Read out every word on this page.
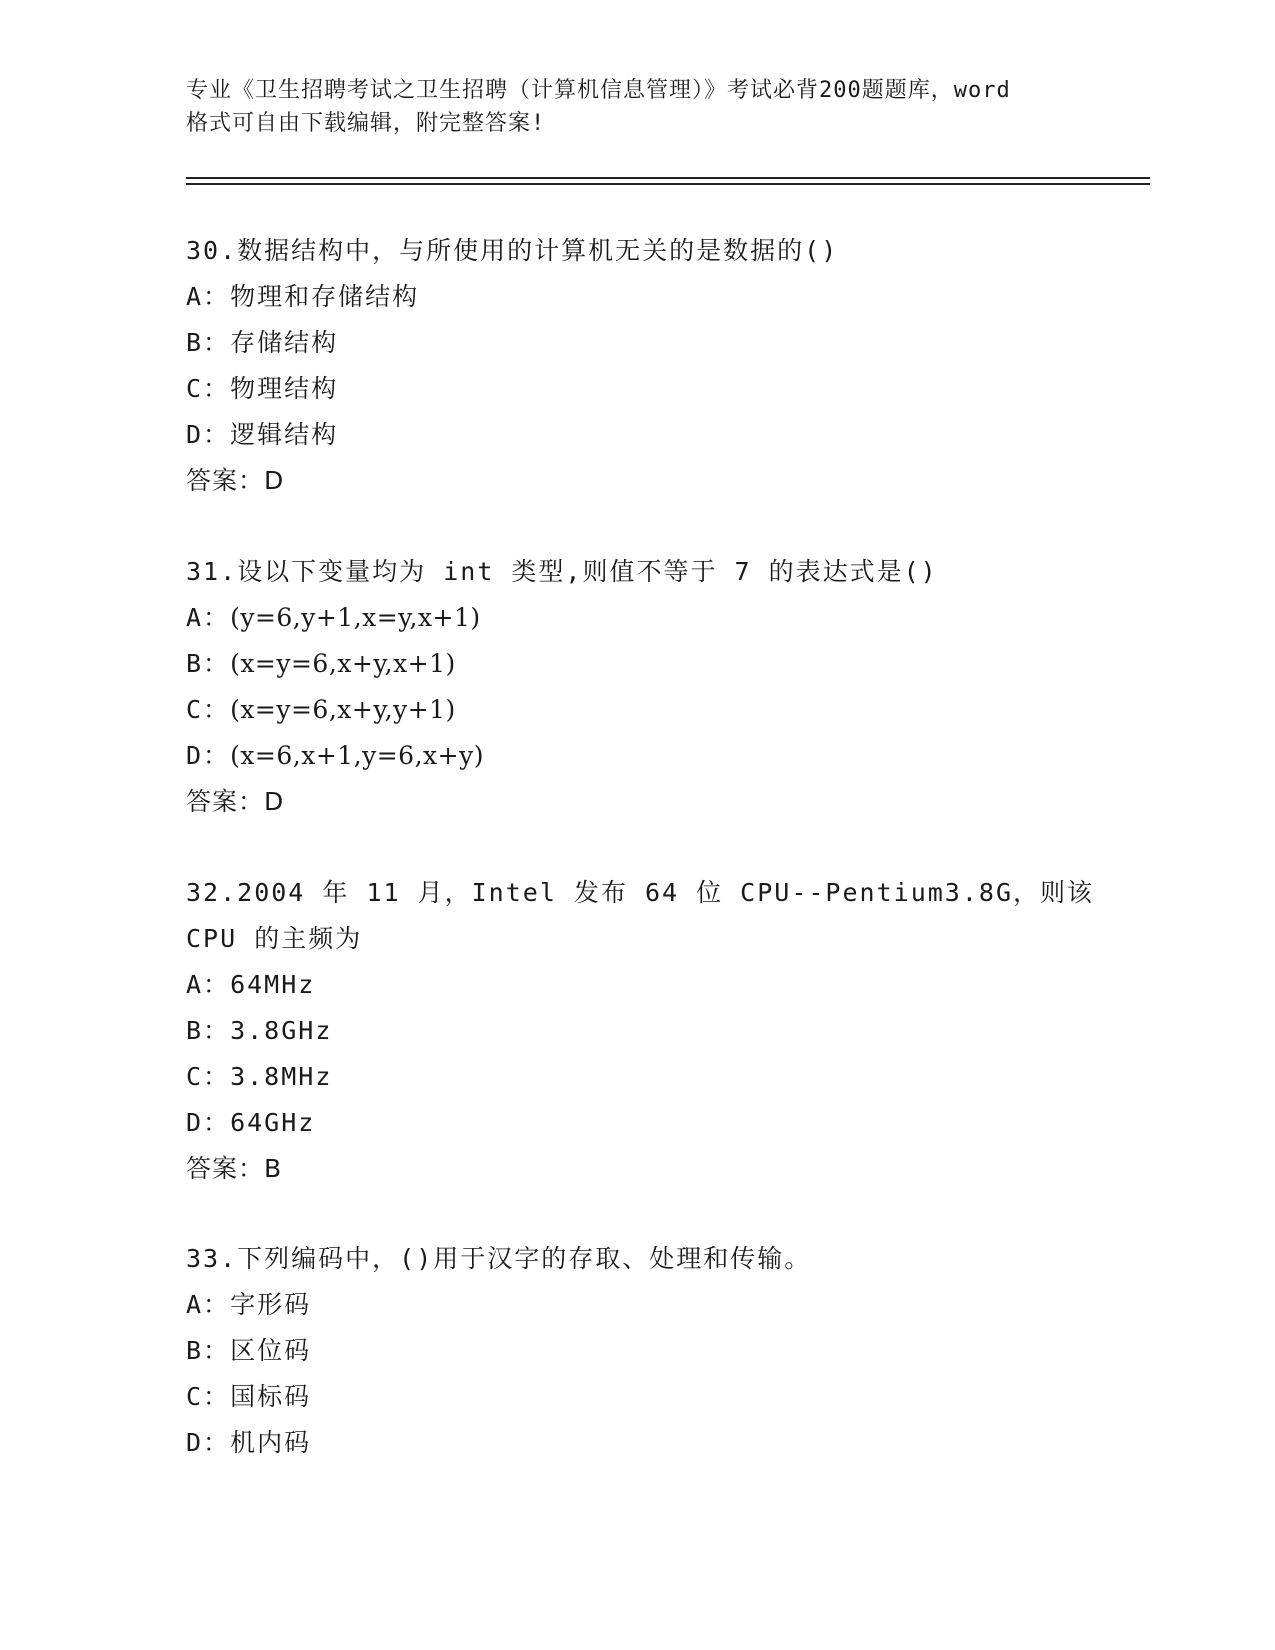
专业《卫生招聘考试之卫生招聘（计算机信息管理）》考试必背200题题库，word
格式可自由下载编辑，附完整答案!
30.数据结构中，与所使用的计算机无关的是数据的()
A：物理和存储结构
B：存储结构
C：物理结构
D：逻辑结构
答案：D
31.设以下变量均为 int 类型,则值不等于 7 的表达式是()
A：(y=6,y+1,x=y,x+1)
B：(x=y=6,x+y,x+1)
C：(x=y=6,x+y,y+1)
D：(x=6,x+1,y=6,x+y)
答案：D
32.2004 年 11 月，Intel 发布 64 位 CPU--Pentium3.8G，则该 CPU 的主频为
A：64MHz
B：3.8GHz
C：3.8MHz
D：64GHz
答案：B
33.下列编码中，()用于汉字的存取、处理和传输。
A：字形码
B：区位码
C：国标码
D：机内码
